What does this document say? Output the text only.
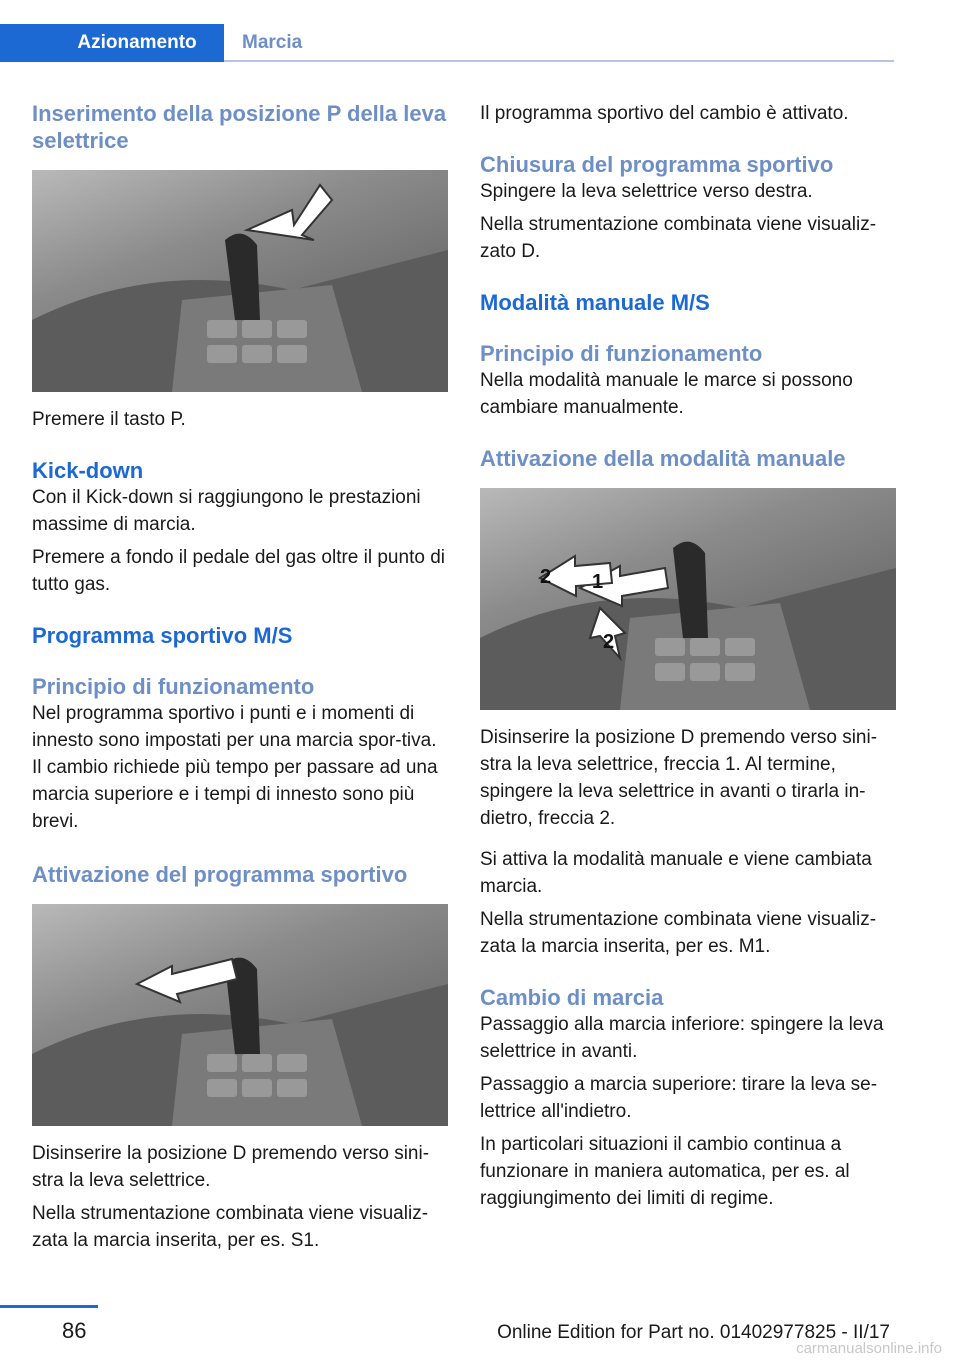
Azionamento	Marcia
Inserimento della posizione P della leva selettrice

Premere il tasto P.

Kick-down

Con il Kick-down si raggiungono le prestazioni massime di marcia.

Premere a fondo il pedale del gas oltre il punto di tutto gas.

Programma sportivo M/S
Principio di funzionamento

Nel programma sportivo i punti e i momenti di innesto sono impostati per una marcia spor‐tiva. Il cambio richiede più tempo per passare ad una marcia superiore e i tempi di innesto sono più brevi.

Attivazione del programma sportivo

Disinserire la posizione D premendo verso sini‐stra la leva selettrice.

Nella strumentazione combinata viene visualiz‐zata la marcia inserita, per es. S1.

Il programma sportivo del cambio è attivato.

Chiusura del programma sportivo

Spingere la leva selettrice verso destra.

Nella strumentazione combinata viene visualiz‐zato D.

Modalità manuale M/S
Principio di funzionamento

Nella modalità manuale le marce si possono cambiare manualmente.

Attivazione della modalità manuale
1
2
2

Disinserire la posizione D premendo verso sini‐stra la leva selettrice, freccia 1. Al termine, spingere la leva selettrice in avanti o tirarla in‐dietro, freccia 2.

Si attiva la modalità manuale e viene cambiata marcia.

Nella strumentazione combinata viene visualiz‐zata la marcia inserita, per es. M1.

Cambio di marcia

Passaggio alla marcia inferiore: spingere la leva selettrice in avanti.

Passaggio a marcia superiore: tirare la leva se‐lettrice all'indietro.

In particolari situazioni il cambio continua a funzionare in maniera automatica, per es. al raggiungimento dei limiti di regime.

86	Online Edition for Part no. 01402977825 - II/17
carmanualsonline.info
